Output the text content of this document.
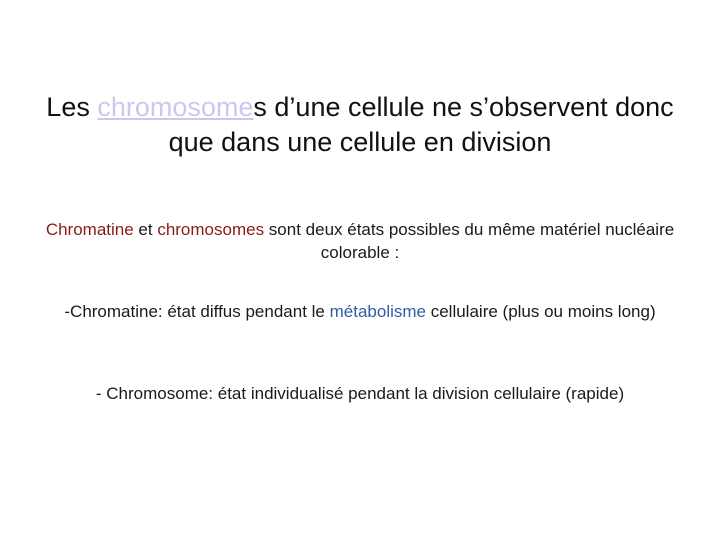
Les chromosomes d’une cellule ne s’observent donc que dans une cellule en division
Chromatine et chromosomes sont deux états possibles du même matériel nucléaire colorable :
-Chromatine: état diffus pendant le métabolisme cellulaire (plus ou moins long)
- Chromosome: état individualisé pendant la division cellulaire (rapide)
